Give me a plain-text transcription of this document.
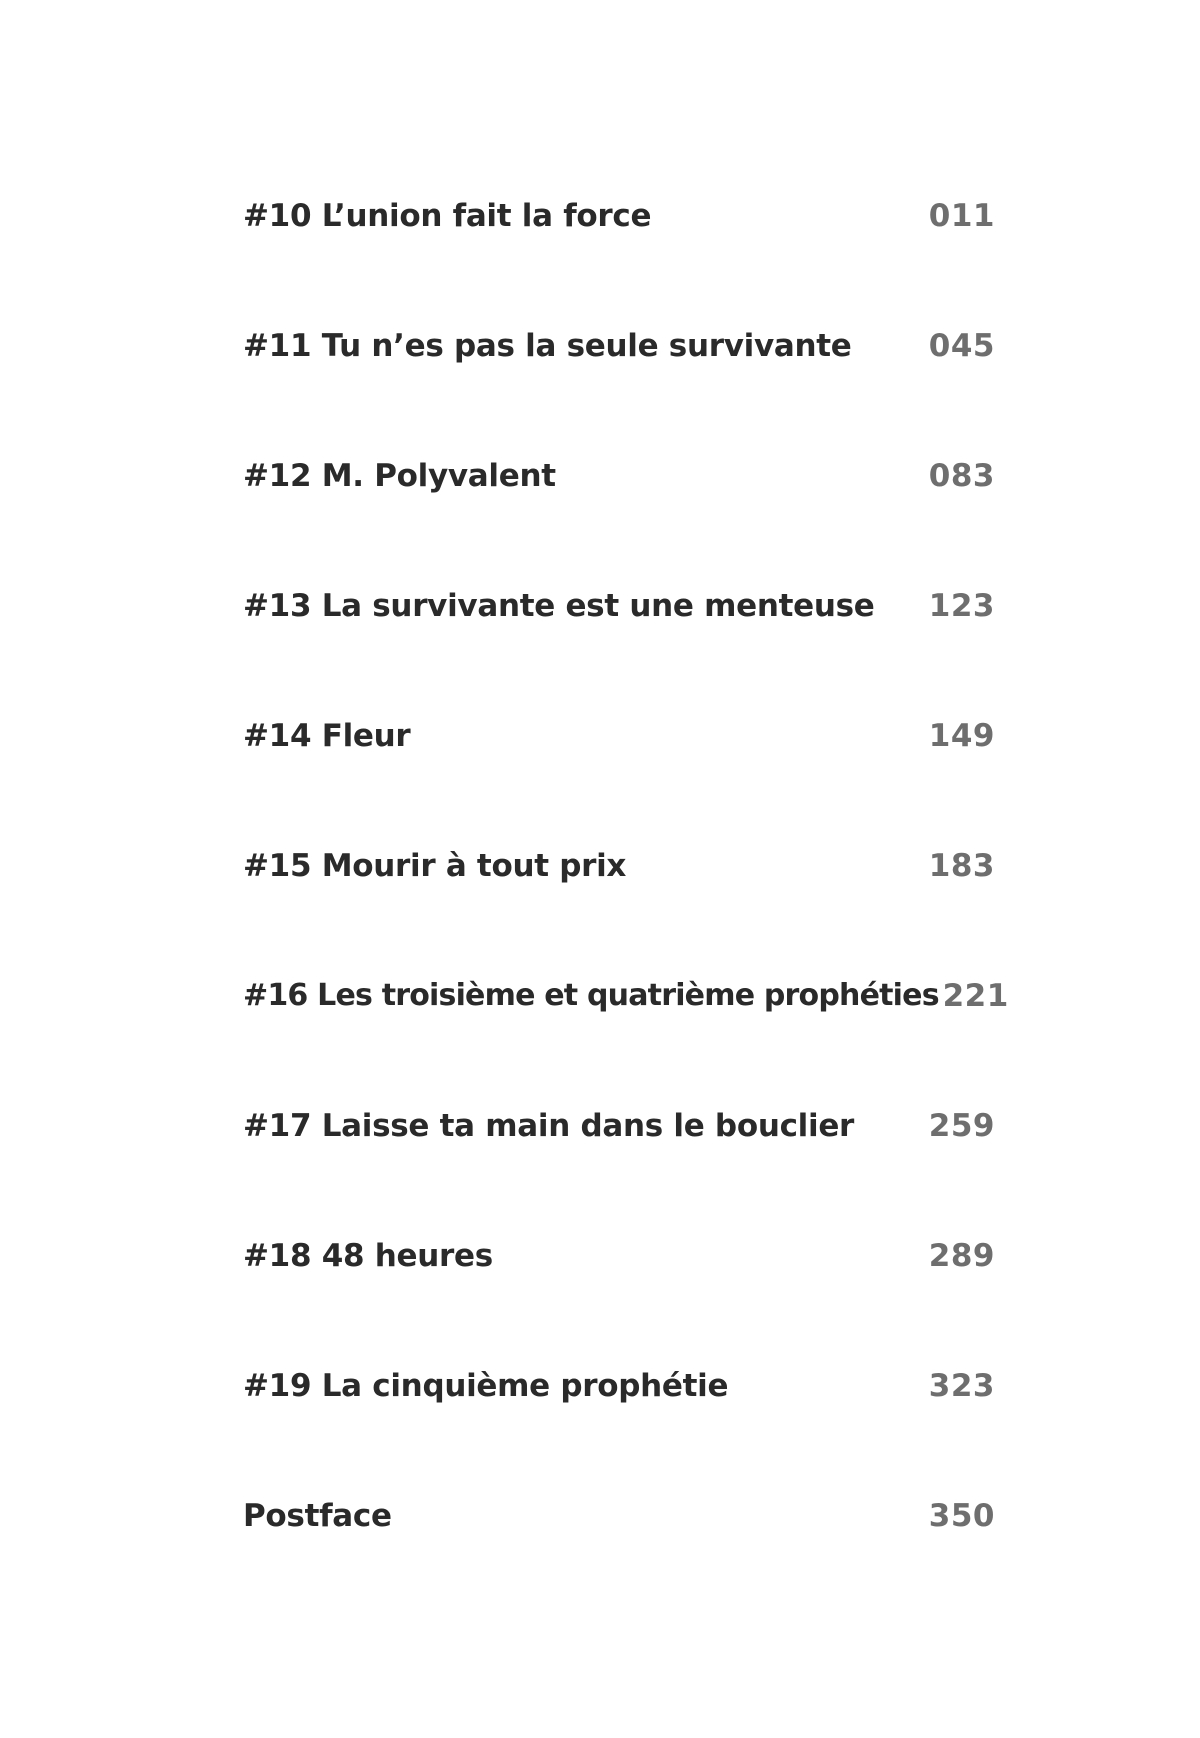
#10 L’union fait la force	011
#11 Tu n’es pas la seule survivante 045
#12 M. Polyvalent	083
#13 La survivante est une menteuse 123
#14 Fleur	149
#15 Mourir à tout prix	183
#16 Les troisième et quatrième prophéties 221
#17 Laisse ta main dans le bouclier 259
#18 48 heures	289
#19 La cinquième prophétie	323
Postface	350
